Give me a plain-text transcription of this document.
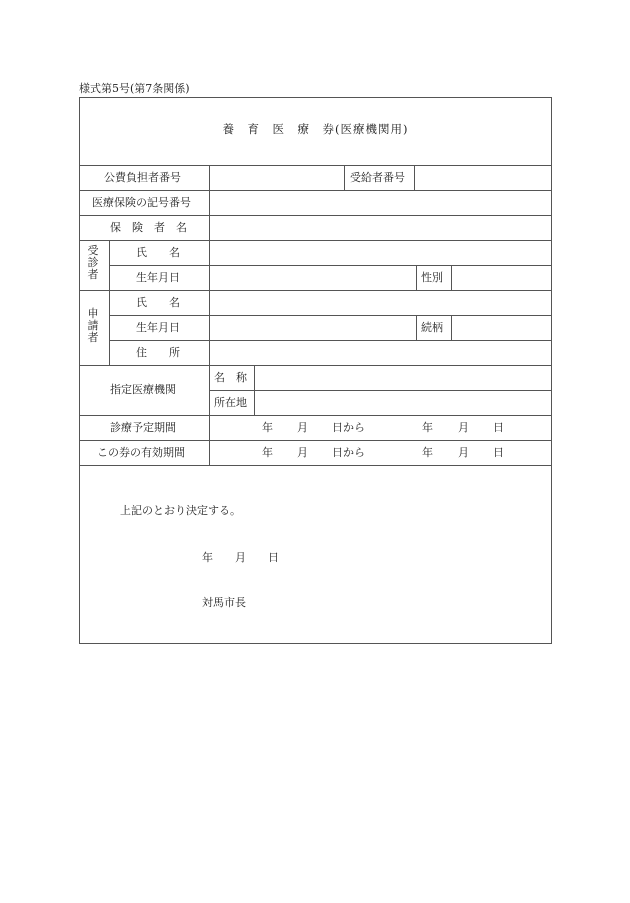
様式第5号(第7条関係)
養　育　医　療　券(医療機関用)
公費負担者番号	受給者番号
医療保険の記号番号
保　険　者　名
受診者
氏　　名
生年月日	性別
申請者
氏　　名
生年月日	続柄
住　　所
指定医療機関
名　称
所在地
診療予定期間	年 月 日から	年 月 日
この券の有効期間	年 月 日から	年 月 日
上記のとおり決定する。
年　　月　　日
対馬市長
